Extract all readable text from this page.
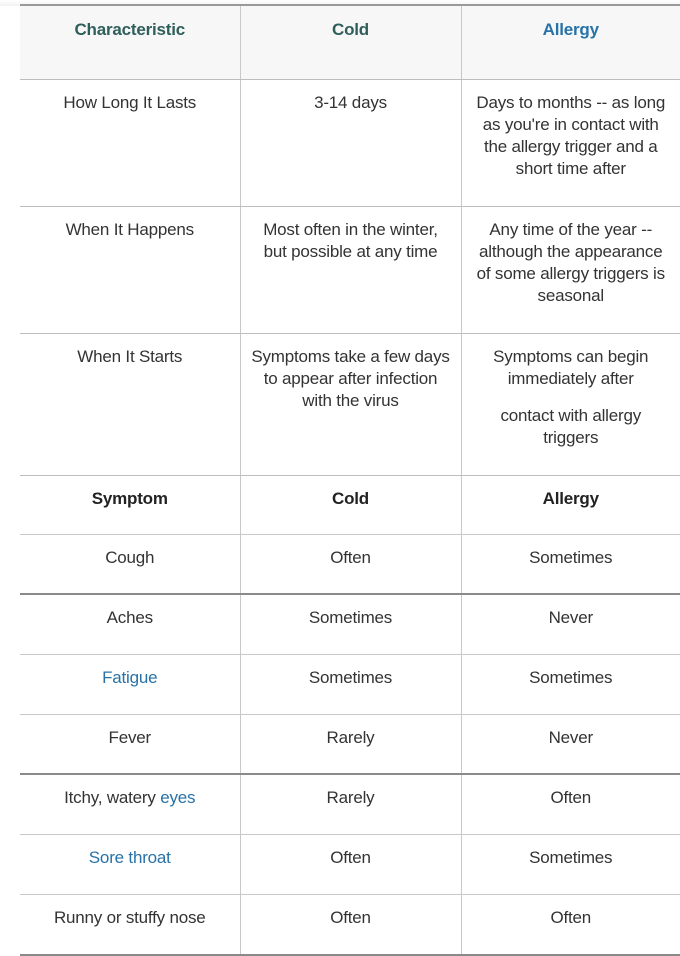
Characteristic	Cold	Allergy
How Long It Lasts	3-14 days	Days to months -- as long as you're in contact with the allergy trigger and a short time after
When It Happens	Most often in the winter, but possible at any time	Any time of the year -- although the appearance of some allergy triggers is seasonal
When It Starts	Symptoms take a few days to appear after infection with the virus	Symptoms can begin immediately after
contact with allergy triggers

Symptom	Cold	Allergy
Cough	Often	Sometimes
Aches	Sometimes	Never
Fatigue	Sometimes	Sometimes
Fever	Rarely	Never
Itchy, watery eyes	Rarely	Often
Sore throat	Often	Sometimes
Runny or stuffy nose	Often	Often
